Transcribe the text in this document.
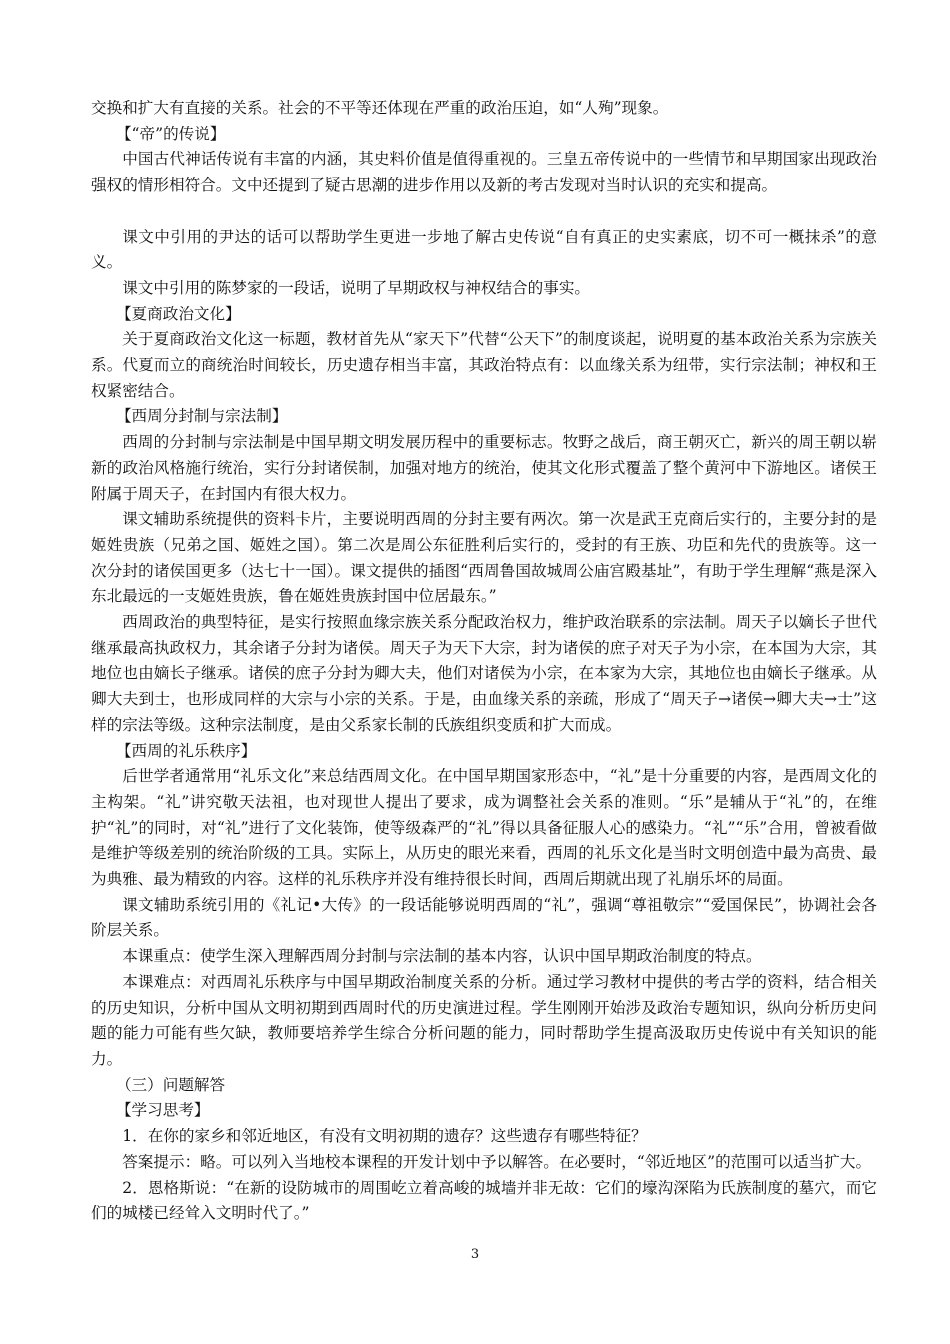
交换和扩大有直接的关系。社会的不平等还体现在严重的政治压迫，如“人殉”现象。

【“帝”的传说】

中国古代神话传说有丰富的内涵，其史料价值是值得重视的。三皇五帝传说中的一些情节和早期国家出现政治强权的情形相符合。文中还提到了疑古思潮的进步作用以及新的考古发现对当时认识的充实和提高。

课文中引用的尹达的话可以帮助学生更进一步地了解古史传说“自有真正的史实素底，切不可一概抹杀”的意义。

课文中引用的陈梦家的一段话，说明了早期政权与神权结合的事实。

【夏商政治文化】

关于夏商政治文化这一标题，教材首先从“家天下”代替“公天下”的制度谈起，说明夏的基本政治关系为宗族关系。代夏而立的商统治时间较长，历史遗存相当丰富，其政治特点有：以血缘关系为纽带，实行宗法制；神权和王权紧密结合。

【西周分封制与宗法制】

西周的分封制与宗法制是中国早期文明发展历程中的重要标志。牧野之战后，商王朝灭亡，新兴的周王朝以崭新的政治风格施行统治，实行分封诸侯制，加强对地方的统治，使其文化形式覆盖了整个黄河中下游地区。诸侯王附属于周天子，在封国内有很大权力。

课文辅助系统提供的资料卡片，主要说明西周的分封主要有两次。第一次是武王克商后实行的，主要分封的是姬姓贵族（兄弟之国、姬姓之国）。第二次是周公东征胜利后实行的，受封的有王族、功臣和先代的贵族等。这一次分封的诸侯国更多（达七十一国）。课文提供的插图“西周鲁国故城周公庙宫殿基址”，有助于学生理解“燕是深入东北最远的一支姬姓贵族，鲁在姬姓贵族封国中位居最东。”

西周政治的典型特征，是实行按照血缘宗族关系分配政治权力，维护政治联系的宗法制。周天子以嫡长子世代继承最高执政权力，其余诸子分封为诸侯。周天子为天下大宗，封为诸侯的庶子对天子为小宗，在本国为大宗，其地位也由嫡长子继承。诸侯的庶子分封为卿大夫，他们对诸侯为小宗，在本家为大宗，其地位也由嫡长子继承。从卿大夫到士，也形成同样的大宗与小宗的关系。于是，由血缘关系的亲疏，形成了“周天子→诸侯→卿大夫→士”这样的宗法等级。这种宗法制度，是由父系家长制的氏族组织变质和扩大而成。

【西周的礼乐秩序】

后世学者通常用“礼乐文化”来总结西周文化。在中国早期国家形态中，“礼”是十分重要的内容，是西周文化的主构架。“礼”讲究敬天法祖，也对现世人提出了要求，成为调整社会关系的准则。“乐”是辅从于“礼”的，在维护“礼”的同时，对“礼”进行了文化装饰，使等级森严的“礼”得以具备征服人心的感染力。“礼”“乐”合用，曾被看做是维护等级差别的统治阶级的工具。实际上，从历史的眼光来看，西周的礼乐文化是当时文明创造中最为高贵、最为典雅、最为精致的内容。这样的礼乐秩序并没有维持很长时间，西周后期就出现了礼崩乐坏的局面。

课文辅助系统引用的《礼记•大传》的一段话能够说明西周的“礼”，强调“尊祖敬宗”“爱国保民”，协调社会各阶层关系。

本课重点：使学生深入理解西周分封制与宗法制的基本内容，认识中国早期政治制度的特点。

本课难点：对西周礼乐秩序与中国早期政治制度关系的分析。通过学习教材中提供的考古学的资料，结合相关的历史知识，分析中国从文明初期到西周时代的历史演进过程。学生刚刚开始涉及政治专题知识，纵向分析历史问题的能力可能有些欠缺，教师要培养学生综合分析问题的能力，同时帮助学生提高汲取历史传说中有关知识的能力。

（三）问题解答

【学习思考】

1．在你的家乡和邻近地区，有没有文明初期的遗存？这些遗存有哪些特征？

答案提示：略。可以列入当地校本课程的开发计划中予以解答。在必要时，“邻近地区”的范围可以适当扩大。

2．恩格斯说：“在新的设防城市的周围屹立着高峻的城墙并非无故：它们的壕沟深陷为氏族制度的墓穴，而它们的城楼已经耸入文明时代了。”

3
